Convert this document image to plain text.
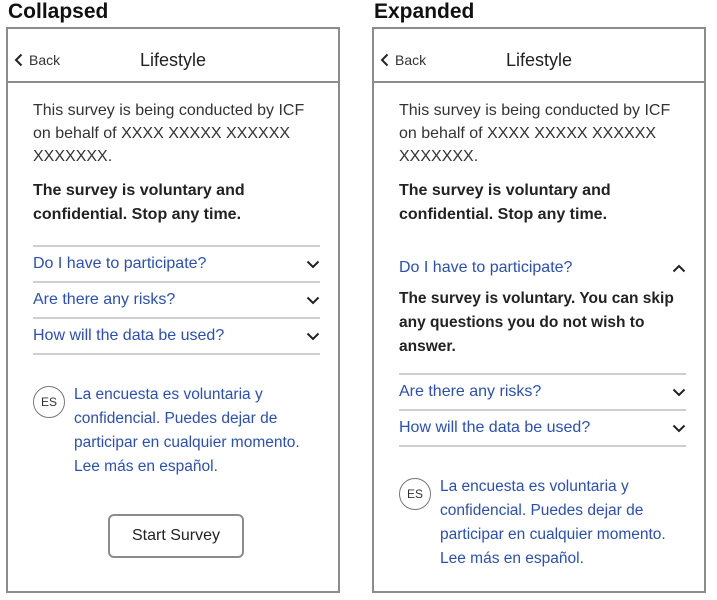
Collapsed	Expanded
Back	Lifestyle
This survey is being conducted by ICF on behalf of XXXX XXXXX XXXXXX XXXXXXX.
The survey is voluntary and confidential. Stop any time.
Do I have to participate?
Are there any risks?
How will the data be used?
ES	La encuesta es voluntaria y confidencial. Puedes dejar de participar en cualquier momento. Lee más en español.
Start Survey
Back	Lifestyle
This survey is being conducted by ICF on behalf of XXXX XXXXX XXXXXX XXXXXXX.
The survey is voluntary and confidential. Stop any time.
Do I have to participate?
The survey is voluntary. You can skip any questions you do not wish to answer.
Are there any risks?
How will the data be used?
ES	La encuesta es voluntaria y confidencial. Puedes dejar de participar en cualquier momento. Lee más en español.
